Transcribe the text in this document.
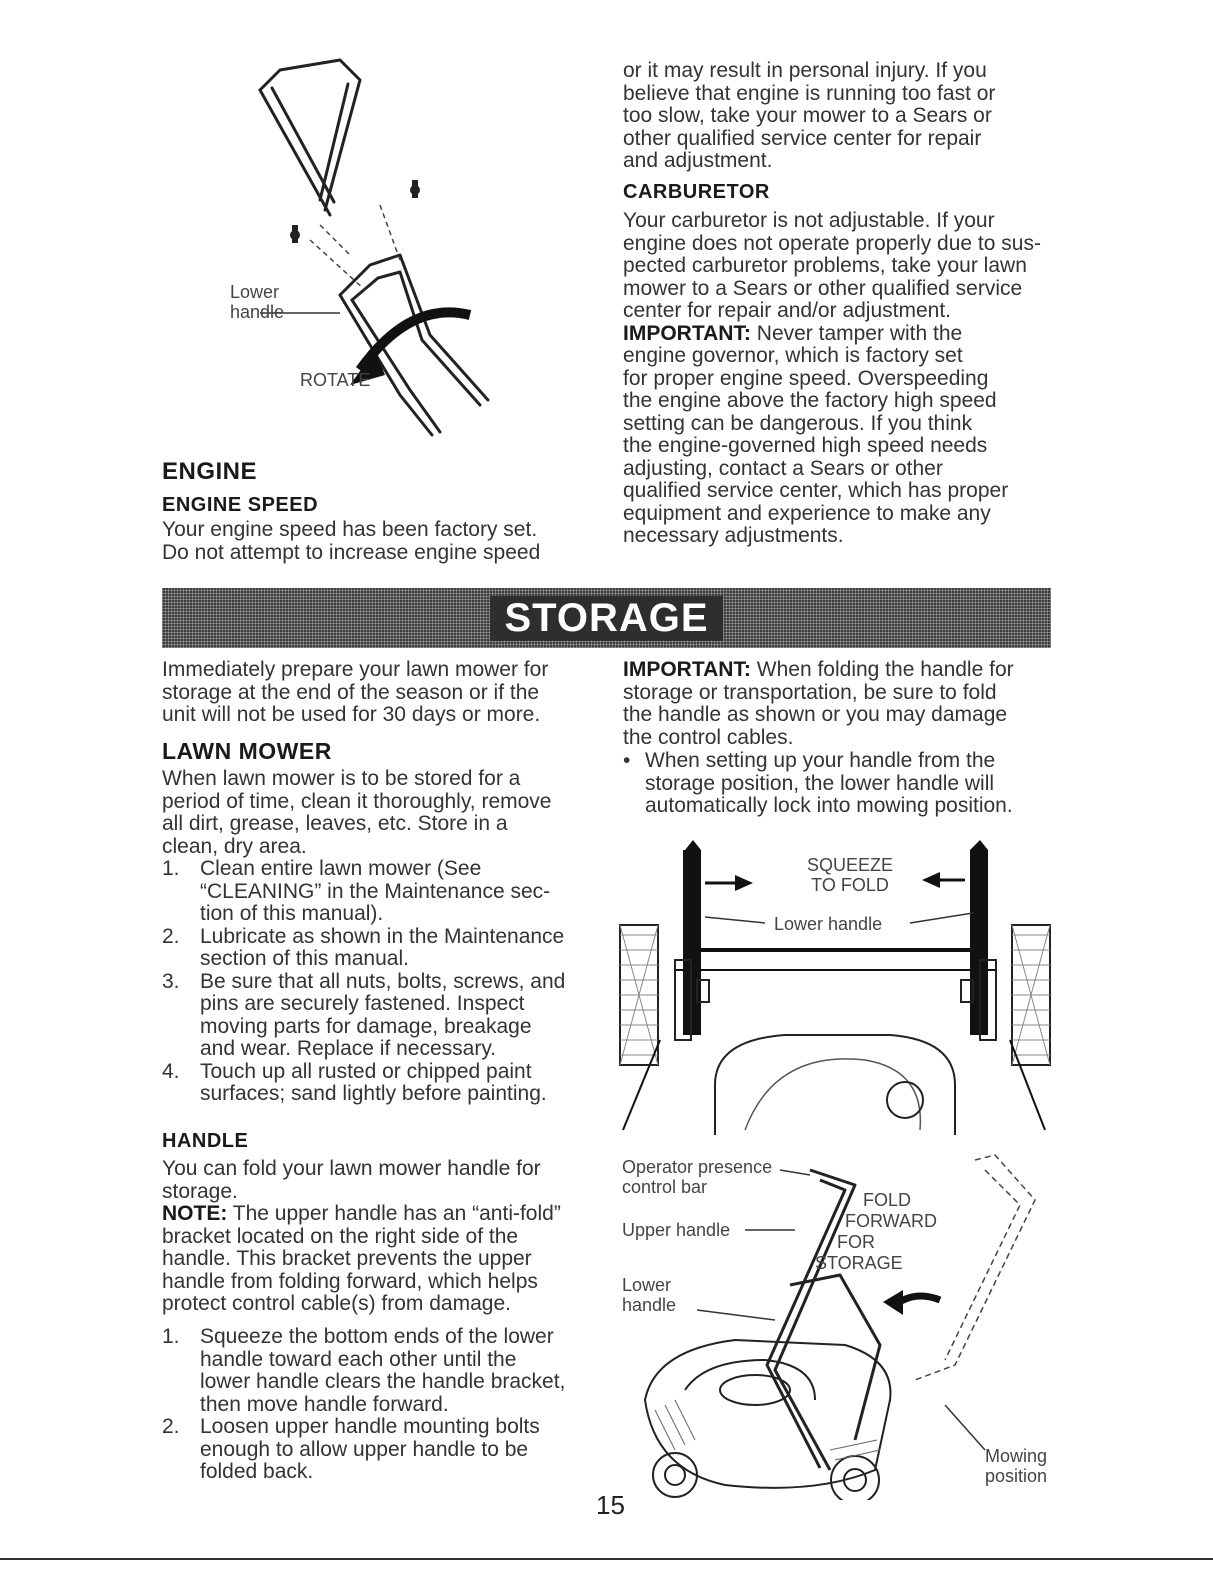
Lower
handle
ROTATE
ENGINE
ENGINE SPEED
Your engine speed has been factory set.
Do not attempt to increase engine speed
or it may result in personal injury. If you
believe that engine is running too fast or
too slow, take your mower to a Sears or
other qualified service center for repair
and adjustment.
CARBURETOR
Your carburetor is not adjustable. If your
engine does not operate properly due to sus-
pected carburetor problems, take your lawn
mower to a Sears or other qualified service
center for repair and/or adjustment.
IMPORTANT: Never tamper with the
engine governor, which is factory set
for proper engine speed. Overspeeding
the engine above the factory high speed
setting can be dangerous. If you think
the engine-governed high speed needs
adjusting, contact a Sears or other
qualified service center, which has proper
equipment and experience to make any
necessary adjustments.
STORAGE
Immediately prepare your lawn mower for
storage at the end of the season or if the
unit will not be used for 30 days or more.
LAWN MOWER
When lawn mower is to be stored for a
period of time, clean it thoroughly, remove
all dirt, grease, leaves, etc. Store in a
clean, dry area.
1. Clean entire lawn mower (See
“CLEANING” in the Maintenance sec-
tion of this manual).
2. Lubricate as shown in the Maintenance
section of this manual.
3. Be sure that all nuts, bolts, screws, and
pins are securely fastened. Inspect
moving parts for damage, breakage
and wear. Replace if necessary.
4. Touch up all rusted or chipped paint
surfaces; sand lightly before painting.
HANDLE
You can fold your lawn mower handle for
storage.
NOTE: The upper handle has an “anti-fold”
bracket located on the right side of the
handle. This bracket prevents the upper
handle from folding forward, which helps
protect control cable(s) from damage.
1. Squeeze the bottom ends of the lower
handle toward each other until the
lower handle clears the handle bracket,
then move handle forward.
2. Loosen upper handle mounting bolts
enough to allow upper handle to be
folded back.
IMPORTANT: When folding the handle for
storage or transportation, be sure to fold
the handle as shown or you may damage
the control cables.
• When setting up your handle from the
storage position, the lower handle will
automatically lock into mowing position.
SQUEEZE
TO FOLD
Lower handle
Operator presence
control bar
Upper handle
Lower
handle
FOLD
FORWARD
FOR
STORAGE
Mowing
position
15
